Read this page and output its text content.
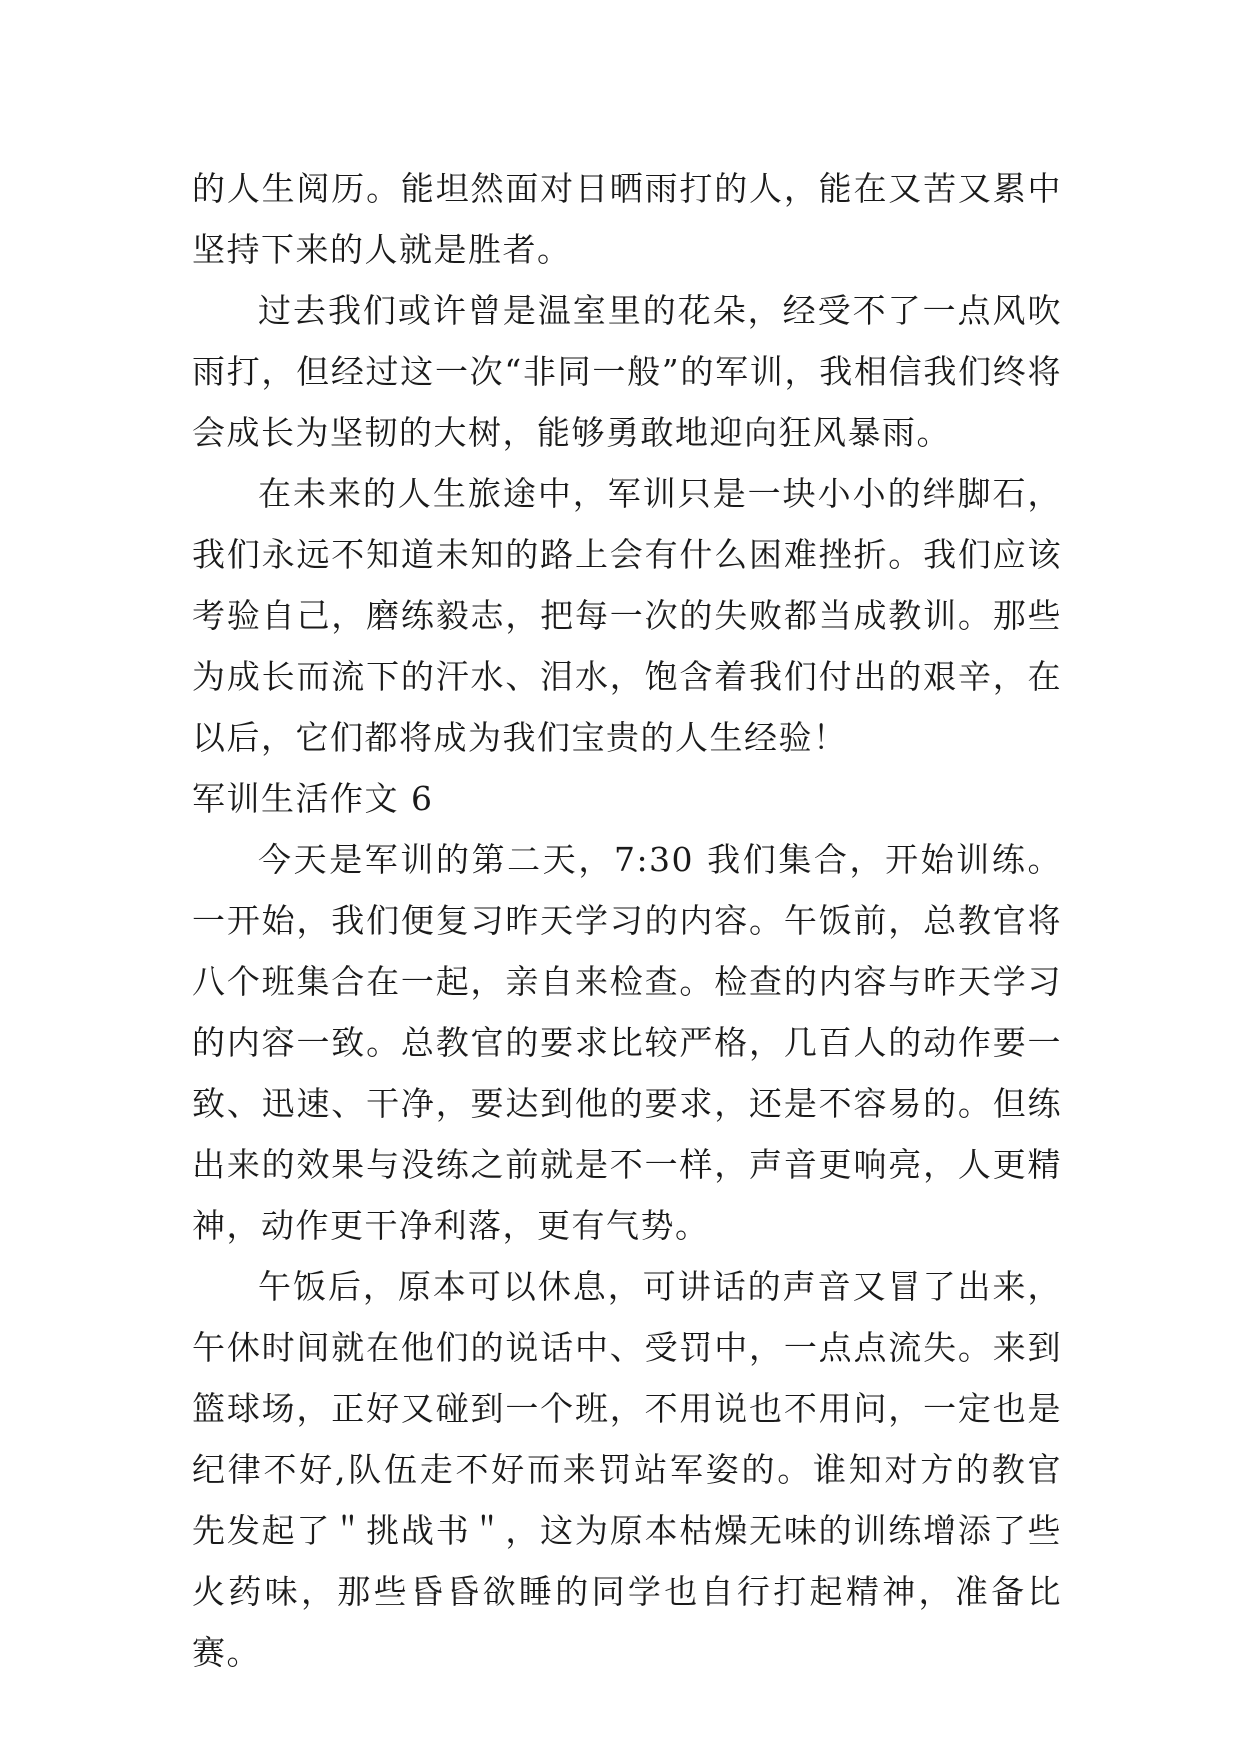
的人生阅历。能坦然面对日晒雨打的人，能在又苦又累中坚持下来的人就是胜者。

过去我们或许曾是温室里的花朵，经受不了一点风吹雨打，但经过这一次“非同一般”的军训，我相信我们终将会成长为坚韧的大树，能够勇敢地迎向狂风暴雨。

在未来的人生旅途中，军训只是一块小小的绊脚石，我们永远不知道未知的路上会有什么困难挫折。我们应该考验自己，磨练毅志，把每一次的失败都当成教训。那些为成长而流下的汗水、泪水，饱含着我们付出的艰辛，在以后，它们都将成为我们宝贵的人生经验！

军训生活作文 6

今天是军训的第二天，7:30 我们集合，开始训练。一开始，我们便复习昨天学习的内容。午饭前，总教官将八个班集合在一起，亲自来检查。检查的内容与昨天学习的内容一致。总教官的要求比较严格，几百人的动作要一致、迅速、干净，要达到他的要求，还是不容易的。但练出来的效果与没练之前就是不一样，声音更响亮，人更精神，动作更干净利落，更有气势。

午饭后，原本可以休息，可讲话的声音又冒了出来，午休时间就在他们的说话中、受罚中，一点点流失。来到篮球场，正好又碰到一个班，不用说也不用问，一定也是纪律不好,队伍走不好而来罚站军姿的。谁知对方的教官先发起了＂挑战书＂，这为原本枯燥无味的训练增添了些火药味，那些昏昏欲睡的同学也自行打起精神，准备比赛。
